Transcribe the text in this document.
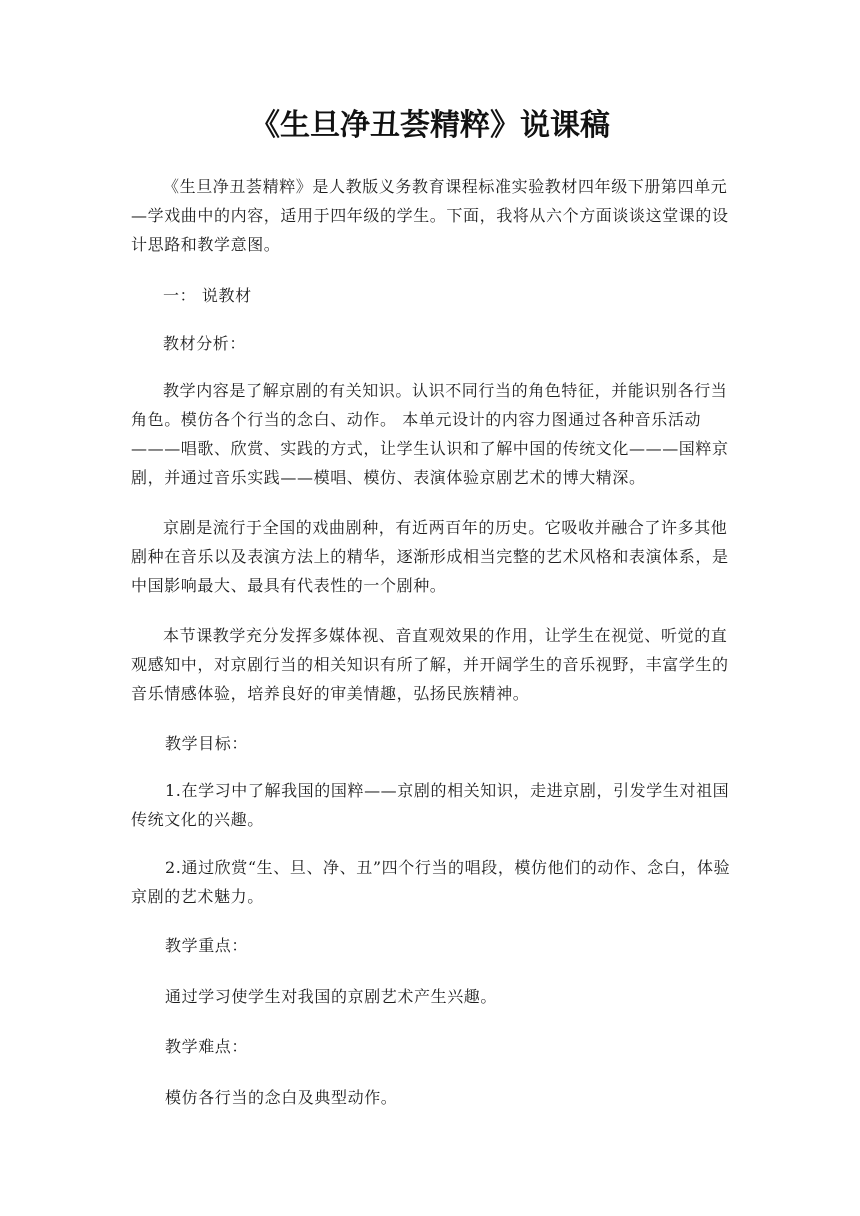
《生旦净丑荟精粹》说课稿

《生旦净丑荟精粹》是人教版义务教育课程标准实验教材四年级下册第四单元—学戏曲中的内容，适用于四年级的学生。下面，我将从六个方面谈谈这堂课的设计思路和教学意图。

一： 说教材

教材分析：

教学内容是了解京剧的有关知识。认识不同行当的角色特征，并能识别各行当角色。模仿各个行当的念白、动作。 本单元设计的内容力图通过各种音乐活动———唱歌、欣赏、实践的方式，让学生认识和了解中国的传统文化———国粹京剧，并通过音乐实践——模唱、模仿、表演体验京剧艺术的博大精深。

京剧是流行于全国的戏曲剧种，有近两百年的历史。它吸收并融合了许多其他剧种在音乐以及表演方法上的精华，逐渐形成相当完整的艺术风格和表演体系，是中国影响最大、最具有代表性的一个剧种。

本节课教学充分发挥多媒体视、音直观效果的作用，让学生在视觉、听觉的直观感知中，对京剧行当的相关知识有所了解，并开阔学生的音乐视野，丰富学生的音乐情感体验，培养良好的审美情趣，弘扬民族精神。

教学目标：

1.在学习中了解我国的国粹——京剧的相关知识，走进京剧，引发学生对祖国传统文化的兴趣。

2.通过欣赏“生、旦、净、丑”四个行当的唱段，模仿他们的动作、念白，体验京剧的艺术魅力。

教学重点：

通过学习使学生对我国的京剧艺术产生兴趣。

教学难点：

模仿各行当的念白及典型动作。
